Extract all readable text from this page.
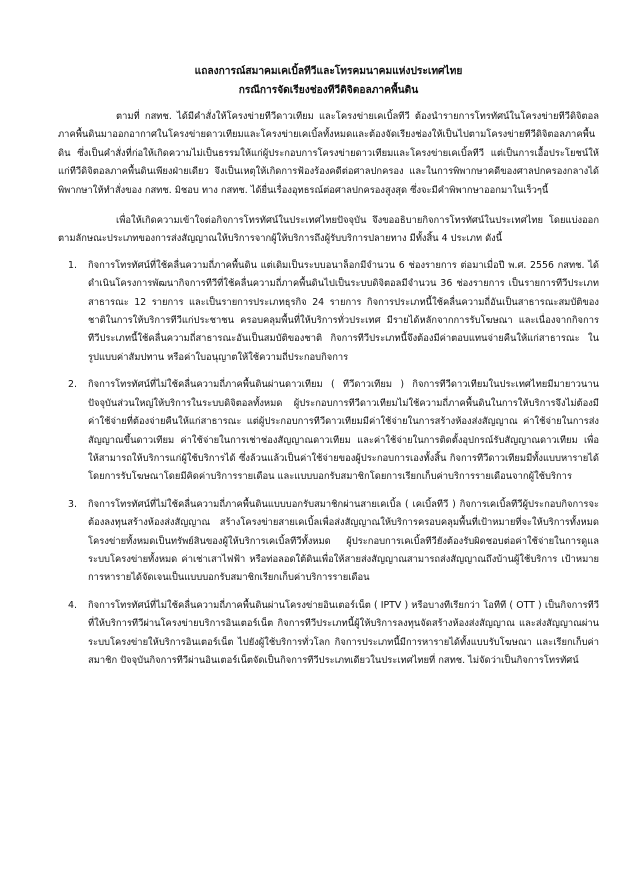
แถลงการณ์สมาคมเคเบิ้ลทีวีและโทรคมนาคมแห่งประเทศไทย

กรณีการจัดเรียงช่องทีวีดิจิตอลภาคพื้นดิน

ตามที่ กสทช. ได้มีคำสั่งให้โครงข่ายทีวีดาวเทียม และโครงข่ายเคเบิ้ลทีวี ต้องนำรายการโทรทัศน์ในโครงข่ายทีวีดิจิตอลภาคพื้นดินมาออกอากาศในโครงข่ายดาวเทียมและโครงข่ายเคเบิ้ลทั้งหมดและต้องจัดเรียงช่องให้เป็นไปตามโครงข่ายทีวีดิจิตอลภาคพื้นดิน ซึ่งเป็นคำสั่งที่ก่อให้เกิดความไม่เป็นธรรมให้แก่ผู้ประกอบการโครงข่ายดาวเทียมและโครงข่ายเคเบิ้ลทีวี แต่เป็นการเอื้อประโยชน์ให้แก่ทีวีดิจิตอลภาคพื้นดินเพียงฝ่ายเดียว จึงเป็นเหตุให้เกิดการฟ้องร้องคดีต่อศาลปกครอง และในการพิพากษาคดีของศาลปกครองกลางได้พิพากษาให้ทำสั่งของ กสทช. มิชอบ ทาง กสทช. ได้ยื่นเรื่องอุทธรณ์ต่อศาลปกครองสูงสุด ซึ่งจะมีคำพิพากษาออกมาในเร็วๆนี้

เพื่อให้เกิดความเข้าใจต่อกิจการโทรทัศน์ในประเทศไทยปัจจุบัน จึงขออธิบายกิจการโทรทัศน์ในประเทศไทย โดยแบ่งออกตามลักษณะประเภทของการส่งสัญญาณให้บริการจากผู้ให้บริการถึงผู้รับบริการปลายทาง มีทั้งสิ้น 4 ประเภท ดังนี้

1. กิจการโทรทัศน์ที่ใช้คลื่นความถี่ภาคพื้นดิน แต่เดิมเป็นระบบอนาล็อกมีจำนวน 6 ช่องรายการ ต่อมาเมื่อปี พ.ศ. 2556 กสทช. ได้ดำเนินโครงการพัฒนากิจการทีวีที่ใช้คลื่นความถี่ภาคพื้นดินไปเป็นระบบดิจิตอลมีจำนวน 36 ช่องรายการ เป็นรายการทีวีประเภทสาธารณะ 12 รายการ และเป็นรายการประเภทธุรกิจ 24 รายการ กิจการประเภทนี้ใช้คลื่นความถี่อันเป็นสาธารณะสมบัติของชาติในการให้บริการทีวีแก่ประชาชน ครอบคลุมพื้นที่ให้บริการทั่วประเทศ มีรายได้หลักจากการรับโฆษณา และเนื่องจากกิจการทีวีประเภทนี้ใช้คลื่นความถี่สาธารณะอันเป็นสมบัติของชาติ กิจการทีวีประเภทนี้จึงต้องมีค่าตอบแทนจ่ายคืนให้แก่สาธารณะ ในรูปแบบค่าสัมปทาน หรือค่าใบอนุญาตให้ใช้ความถี่ประกอบกิจการ
2. กิจการโทรทัศน์ที่ไม่ใช้คลื่นความถี่ภาคพื้นดินผ่านดาวเทียม ( ทีวีดาวเทียม ) กิจการทีวีดาวเทียมในประเทศไทยมีมายาวนาน ปัจจุบันส่วนใหญ่ให้บริการในระบบดิจิตอลทั้งหมด ผู้ประกอบการทีวีดาวเทียมไม่ใช้ความถี่ภาคพื้นดินในการให้บริการจึงไม่ต้องมีค่าใช้จ่ายที่ต้องจ่ายคืนให้แก่สาธารณะ แต่ผู้ประกอบการทีวีดาวเทียมมีค่าใช้จ่ายในการสร้างห้องส่งสัญญาณ ค่าใช้จ่ายในการส่งสัญญาณขึ้นดาวเทียม ค่าใช้จ่ายในการเช่าช่องสัญญาณดาวเทียม และค่าใช้จ่ายในการติดตั้งอุปกรณ์รับสัญญาณดาวเทียม เพื่อให้สามารถให้บริการแก่ผู้ใช้บริการได้ ซึ่งล้วนแล้วเป็นค่าใช้จ่ายของผู้ประกอบการเองทั้งสิ้น กิจการทีวีดาวเทียมมีทั้งแบบหารายได้โดยการรับโฆษณาโดยมีคิดค่าบริการรายเดือน และแบบบอกรับสมาชิกโดยการเรียกเก็บค่าบริการรายเดือนจากผู้ใช้บริการ
3. กิจการโทรทัศน์ที่ไม่ใช้คลื่นความถี่ภาคพื้นดินแบบบอกรับสมาชิกผ่านสายเคเบิ้ล ( เคเบิ้ลทีวี ) กิจการเคเบิ้ลทีวีผู้ประกอบกิจการจะต้องลงทุนสร้างห้องส่งสัญญาณ สร้างโครงข่ายสายเคเบิ้ลเพื่อส่งสัญญาณให้บริการครอบคลุมพื้นที่เป้าหมายที่จะให้บริการทั้งหมด โครงข่ายทั้งหมดเป็นทรัพย์สินของผู้ให้บริการเคเบิ้ลทีวีทั้งหมด ผู้ประกอบการเคเบิ้ลทีวียังต้องรับผิดชอบต่อค่าใช้จ่ายในการดูแลระบบโครงข่ายทั้งหมด ค่าเช่าเสาไฟฟ้า หรือท่อลอดใต้ดินเพื่อให้สายส่งสัญญาณสามารถส่งสัญญาณถึงบ้านผู้ใช้บริการ เป้าหมายการหารายได้จัดเจนเป็นแบบบอกรับสมาชิกเรียกเก็บค่าบริการรายเดือน
4. กิจการโทรทัศน์ที่ไม่ใช้คลื่นความถี่ภาคพื้นดินผ่านโครงข่ายอินเตอร์เน็ต ( IPTV ) หรือบางทีเรียกว่า โอทีที ( OTT ) เป็นกิจการทีวีที่ให้บริการทีวีผ่านโครงข่ายบริการอินเตอร์เน็ต กิจการทีวีประเภทนี้ผู้ให้บริการลงทุนจัดสร้างห้องส่งสัญญาณ และส่งสัญญาณผ่านระบบโครงข่ายให้บริการอินเตอร์เน็ต ไปยังผู้ใช้บริการทั่วโลก กิจการประเภทนี้มีการหารายได้ทั้งแบบรับโฆษณา และเรียกเก็บค่าสมาชิก ปัจจุบันกิจการทีวีผ่านอินเตอร์เน็ตจัดเป็นกิจการทีวีประเภทเดียวในประเทศไทยที่ กสทช. ไม่จัดว่าเป็นกิจการโทรทัศน์
